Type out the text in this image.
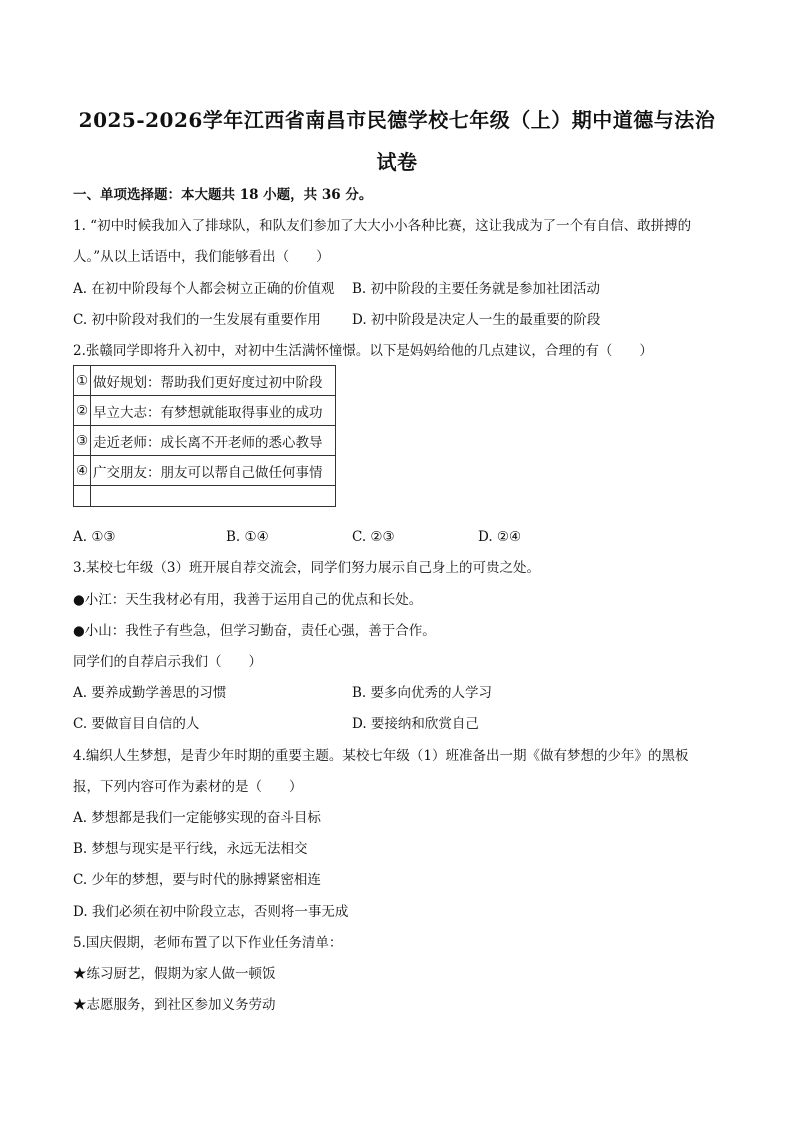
2025-2026学年江西省南昌市民德学校七年级（上）期中道德与法治
试卷
一、单项选择题：本大题共 18 小题，共 36 分。
1. “初中时候我加入了排球队，和队友们参加了大大小小各种比赛，这让我成为了一个有自信、敢拼搏的
人。”从以上话语中，我们能够看出（　　）
A. 在初中阶段每个人都会树立正确的价值观 B. 初中阶段的主要任务就是参加社团活动
C. 初中阶段对我们的一生发展有重要作用 D. 初中阶段是决定人一生的最重要的阶段
2.张赣同学即将升入初中，对初中生活满怀憧憬。以下是妈妈给他的几点建议，合理的有（　　）
①	做好规划：帮助我们更好度过初中阶段
②	早立大志：有梦想就能取得事业的成功
③	走近老师：成长离不开老师的悉心教导
④	广交朋友：朋友可以帮自己做任何事情

A. ①③	B. ①④	C. ②③	D. ②④
3.某校七年级（3）班开展自荐交流会，同学们努力展示自己身上的可贵之处。
●小江：天生我材必有用，我善于运用自己的优点和长处。
●小山：我性子有些急，但学习勤奋，责任心强，善于合作。
同学们的自荐启示我们（　　）
A. 要养成勤学善思的习惯	B. 要多向优秀的人学习
C. 要做盲目自信的人	D. 要接纳和欣赏自己
4.编织人生梦想，是青少年时期的重要主题。某校七年级（1）班准备出一期《做有梦想的少年》的黑板
报，下列内容可作为素材的是（　　）
A. 梦想都是我们一定能够实现的奋斗目标
B. 梦想与现实是平行线，永远无法相交
C. 少年的梦想，要与时代的脉搏紧密相连
D. 我们必须在初中阶段立志，否则将一事无成
5.国庆假期，老师布置了以下作业任务清单：
★练习厨艺，假期为家人做一顿饭
★志愿服务，到社区参加义务劳动
